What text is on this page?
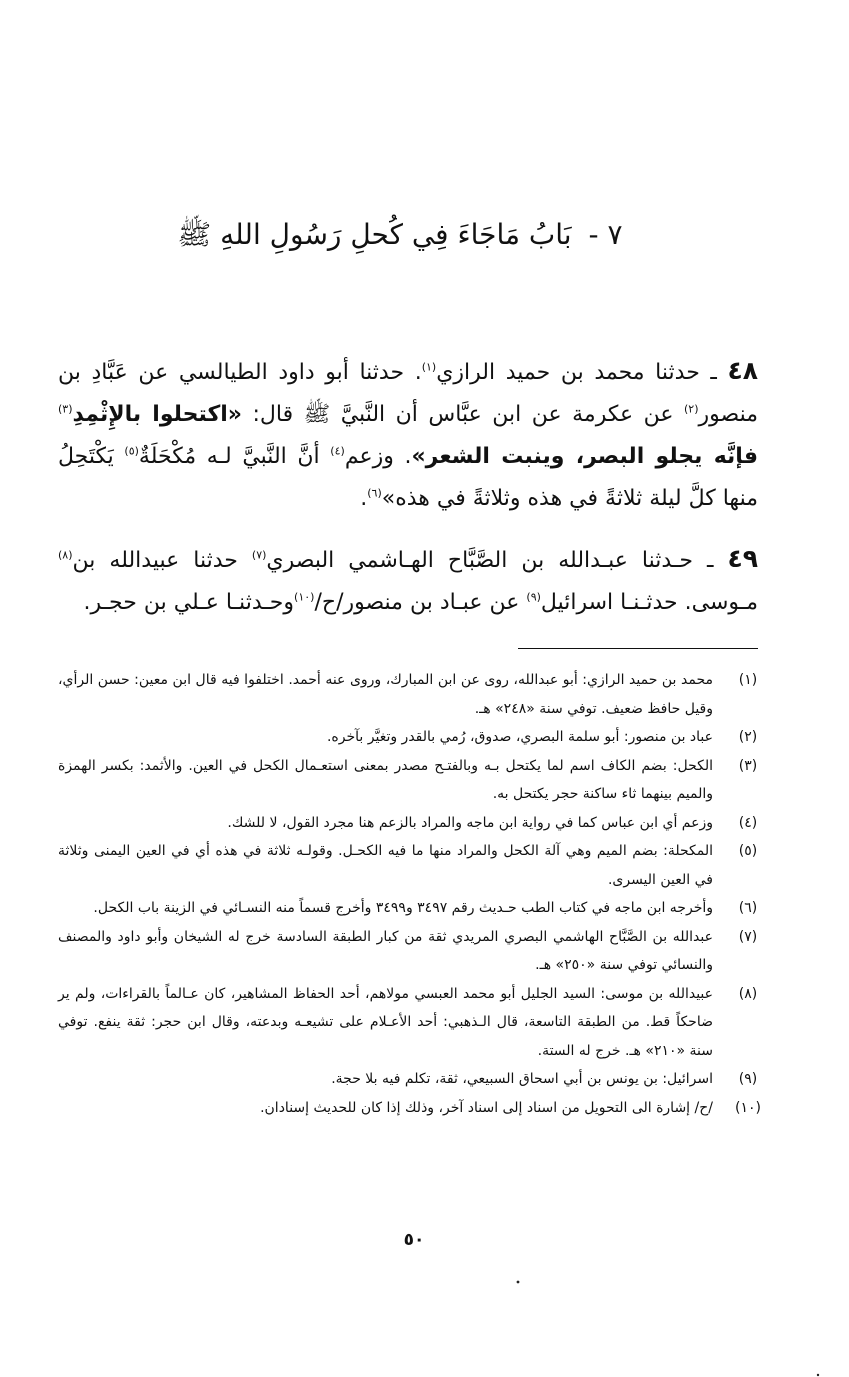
٧ - بَابُ مَاجَاءَ فِي كُحلِ رَسُولِ اللهِ ﷺ

٤٨ ـ حدثنا محمد بن حميد الرازي$^{(١)}$. حدثنا أبو داود الطيالسي عن عَبَّادِ بن منصور$^{(٢)}$ عن عكرمة عن ابن عبَّاس أن النَّبيَّ ﷺ قال: «اكتحلوا بالإِثْمِدِ$^{(٣)}$ فإنَّه يجلو البصر، وينبت الشعر». وزعم$^{(٤)}$ أنَّ النَّبيَّ لـه مُكْحَلَةٌ$^{(٥)}$ يَكْتَحِلُ منها كلَّ ليلة ثلاثةً في هذه وثلاثةً في هذه»$^{(٦)}$.

٤٩ ـ حـدثنا عبـدالله بن الصَّبَّاح الهـاشمي البصري$^{(٧)}$ حدثنا عبيدالله بن$^{(٨)}$ مـوسى. حدثـنـا اسرائيل$^{(٩)}$ عن عبـاد بن منصور/ح/$^{(١٠)}$وحـدثنـا عـلي بن حجـر.

(١)
محمد بن حميد الرازي: أبو عبدالله، روى عن ابن المبارك، وروى عنه أحمد. اختلفوا فيه قال ابن معين: حسن الرأي، وقيل حافظ ضعيف. توفي سنة «٢٤٨» هـ.
(٢)
عباد بن منصور: أبو سلمة البصري، صدوق، رُمي بالقدر وتغيَّر بآخره.
(٣)
الكحل: بضم الكاف اسم لما يكتحل بـه وبالفتـح مصدر بمعنى استعـمال الكحل في العين. والأثمد: بكسر الهمزة والميم بينهما ثاء ساكنة حجر يكتحل به.
(٤)
وزعم أي ابن عباس كما في رواية ابن ماجه والمراد بالزعم هنا مجرد القول، لا للشك.
(٥)
المكحلة: بضم الميم وهي آلة الكحل والمراد منها ما فيه الكحـل. وقولـه ثلاثة في هذه أي في العين اليمنى وثلاثة في العين اليسرى.
(٦)
وأخرجه ابن ماجه في كتاب الطب حـديث رقم ٣٤٩٧ و٣٤٩٩ وأخرج قسماً منه النسـائي في الزينة باب الكحل.
(٧)
عبدالله بن الصَّبَّاح الهاشمي البصري المريدي ثقة من كبار الطبقة السادسة خرج له الشيخان وأبو داود والمصنف والنسائي توفي سنة «٢٥٠» هـ.
(٨)
عبيدالله بن موسى: السيد الجليل أبو محمد العبسي مولاهم، أحد الحفاظ المشاهير، كان عـالماً بالقراءات، ولم ير ضاحكاً قط. من الطبقة التاسعة، قال الـذهبي: أحد الأعـلام على تشيعـه وبدعته، وقال ابن حجر: ثقة ينفع. توفي سنة «٢١٠» هـ. خرج له الستة.
(٩)
اسرائيل: بن يونس بن أبي اسحاق السبيعي، ثقة، تكلم فيه بلا حجة.
(١٠)
/ح/ إشارة الى التحويل من اسناد إلى اسناد آخر، وذلك إذا كان للحديث إسنادان.
٥٠
